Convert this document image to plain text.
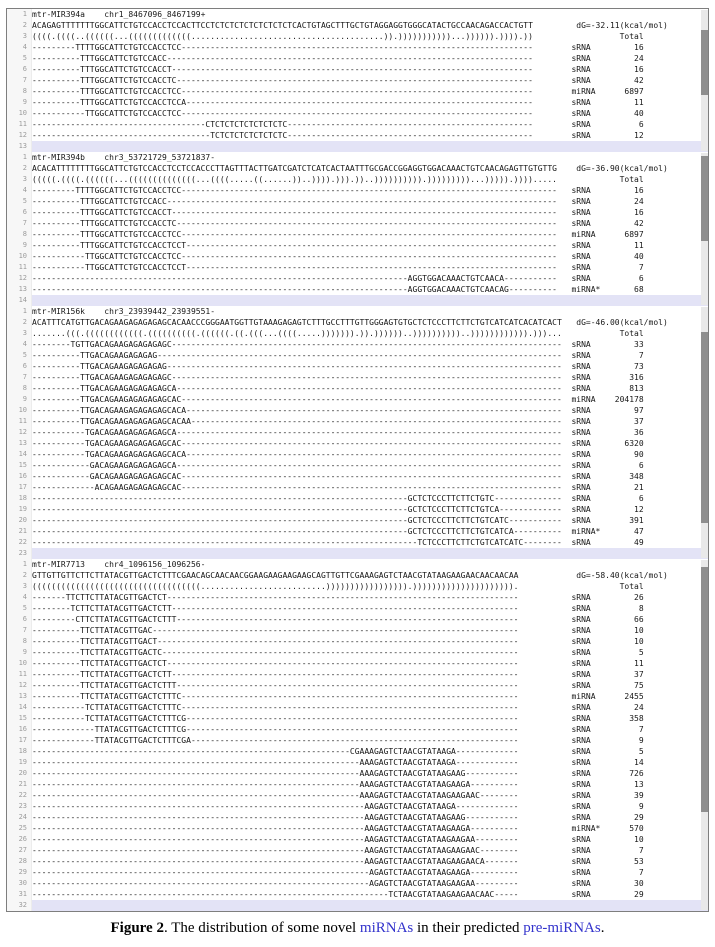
1 mtr-MIR394a    chr1_8467096_8467199+
2 ACAGAGTTTTTTTGGCATTCTGTCCACCTCCACTTCCTCTCTCTCTCTCTCTCTCACTGTAGCTTTGCTGTAGGAGGTGGGCATACTGCCAACAGACCACTGTT         dG=-32.11(kcal/mol)
3 ((((.((((..((((((...(((((((((((((........................................)).)))))))))))...)))))).)))).))                  Total
4 ---------TTTTGGCATTCTGTCCACCTCC-------------------------------------------------------------------------        sRNA         16
5 ----------TTTGGCATTCTGTCCACC----------------------------------------------------------------------------        sRNA         24
6 ----------TTTGGCATTCTGTCCACCT---------------------------------------------------------------------------        sRNA         16
7 ----------TTTGGCATTCTGTCCACCTC--------------------------------------------------------------------------        sRNA         42
8 ----------TTTGGCATTCTGTCCACCTCC-------------------------------------------------------------------------        miRNA      6897
9 ----------TTTGGCATTCTGTCCACCTCCA------------------------------------------------------------------------        sRNA         11
10 -----------TTGGCATTCTGTCCACCTCC-------------------------------------------------------------------------        sRNA         40
11 ------------------------------------CTCTCTCTCTCTCTCTC---------------------------------------------------        sRNA          6
12 -------------------------------------TCTCTCTCTCTCTCTC---------------------------------------------------        sRNA         12
13
1 mtr-MIR394b    chr3_53721729_53721837-
2 ACACATTTTTTTTGGCATTCTGTCCACCTCCTCCACCCTTAGTTTACTTGATCGATCTCATCACTAATTTGCGACCGGAGGTGGACAAACTGTCAACAGAGTTGTGTTG    dG=-36.90(kcal/mol)
3 (((((.((((.((((((...((((((((((((((...((((.....((......))..)))).))).))..)))))))))).)))))))))...))))).)))).....             Total
4 ---------TTTTGGCATTCTGTCCACCTCC------------------------------------------------------------------------------   sRNA         16
5 ----------TTTGGCATTCTGTCCACC---------------------------------------------------------------------------------   sRNA         24
6 ----------TTTGGCATTCTGTCCACCT--------------------------------------------------------------------------------   sRNA         16
7 ----------TTTGGCATTCTGTCCACCTC-------------------------------------------------------------------------------   sRNA         42
8 ----------TTTGGCATTCTGTCCACCTCC------------------------------------------------------------------------------   miRNA      6897
9 ----------TTTGGCATTCTGTCCACCTCCT-----------------------------------------------------------------------------   sRNA         11
10 -----------TTGGCATTCTGTCCACCTCC------------------------------------------------------------------------------   sRNA         40
11 -----------TTGGCATTCTGTCCACCTCCT-----------------------------------------------------------------------------   sRNA          7
12 ------------------------------------------------------------------------------AGGTGGACAAACTGTCAACA-----------   sRNA          6
13 ------------------------------------------------------------------------------AGGTGGACAAACTGTCAACAG----------   miRNA*       68
14
1 mtr-MIR156k    chr3_23939442_23939551-
2 ACATTTCATGTTGACAGAAGAGAGAGAGCACAACCCGGGAATGGTTGTAAAGAGAGTCTTTGCCTTTGTTGGGAGTGTGCTCTCCCTTCTTCTGTCATCATCACATCACT   dG=-46.00(kcal/mol)
3 .......(((.((((((((((((.((((((((((.((((((.((.(((...((((.....))))))).)).))))))..))))))))))..)))))))))))).)))...            Total
4 --------TGTTGACAGAAGAGAGAGAGC---------------------------------------------------------------------------------  sRNA         33
5 ----------TTGACAGAAGAGAGAG------------------------------------------------------------------------------------  sRNA          7
6 ----------TTGACAGAAGAGAGAGAG----------------------------------------------------------------------------------  sRNA         73
7 ----------TTGACAGAAGAGAGAGAGC---------------------------------------------------------------------------------  sRNA        316
8 ----------TTGACAGAAGAGAGAGAGCA--------------------------------------------------------------------------------  sRNA        813
9 ----------TTGACAGAAGAGAGAGAGCAC-------------------------------------------------------------------------------  miRNA    204178
10 ----------TTGACAGAAGAGAGAGAGCACA------------------------------------------------------------------------------  sRNA         97
11 ----------TTGACAGAAGAGAGAGAGCACAA-----------------------------------------------------------------------------  sRNA         37
12 -----------TGACAGAAGAGAGAGAGCA--------------------------------------------------------------------------------  sRNA         36
13 -----------TGACAGAAGAGAGAGAGCAC-------------------------------------------------------------------------------  sRNA       6320
14 -----------TGACAGAAGAGAGAGAGCACA------------------------------------------------------------------------------  sRNA         90
15 ------------GACAGAAGAGAGAGAGCA--------------------------------------------------------------------------------  sRNA          6
16 ------------GACAGAAGAGAGAGAGCAC-------------------------------------------------------------------------------  sRNA        348
17 -------------ACAGAAGAGAGAGAGCAC-------------------------------------------------------------------------------  sRNA         21
18 ------------------------------------------------------------------------------GCTCTCCCTTCTTCTGTC--------------  sRNA          6
19 ------------------------------------------------------------------------------GCTCTCCCTTCTTCTGTCA-------------  sRNA         12
20 ------------------------------------------------------------------------------GCTCTCCCTTCTTCTGTCATC-----------  sRNA        391
21 ------------------------------------------------------------------------------GCTCTCCCTTCTTCTGTCATCA----------  miRNA*       47
22 --------------------------------------------------------------------------------TCTCCCTTCTTCTGTCATCATC--------  sRNA         49
23
1 mtr-MIR7713    chr4_1096156_1096256-
2 GTTGTTGTTCTTCTTATACGTTGACTCTTTCGAACAGCAACAACGGAAGAAGAAGAAGCAGTTGTTCGAAAGAGTCTAACGTATAAGAAGAACAACAACAA            dG=-58.40(kcal/mol)
3 (((((((((((((((((((((((((((((((((((..........................))))))))))))))))).))))))))))))))))))))).                     Total
4 -------TTCTTCTTATACGTTGACTCT-------------------------------------------------------------------------           sRNA         26
5 --------TCTTCTTATACGTTGACTCTT------------------------------------------------------------------------           sRNA          8
6 ---------CTTCTTATACGTTGACTCTTT-----------------------------------------------------------------------           sRNA         66
7 ----------TTCTTATACGTTGAC----------------------------------------------------------------------------           sRNA         10
8 ----------TTCTTATACGTTGACT---------------------------------------------------------------------------           sRNA         10
9 ----------TTCTTATACGTTGACTC--------------------------------------------------------------------------           sRNA          5
10 ----------TTCTTATACGTTGACTCT-------------------------------------------------------------------------           sRNA         11
11 ----------TTCTTATACGTTGACTCTT------------------------------------------------------------------------           sRNA         37
12 ----------TTCTTATACGTTGACTCTTT-----------------------------------------------------------------------           sRNA         75
13 ----------TTCTTATACGTTGACTCTTTC----------------------------------------------------------------------           miRNA      2455
14 -----------TCTTATACGTTGACTCTTTC----------------------------------------------------------------------           sRNA         24
15 -----------TCTTATACGTTGACTCTTTCG---------------------------------------------------------------------           sRNA        358
16 -------------TTATACGTTGACTCTTTCG---------------------------------------------------------------------           sRNA          7
17 -------------TTATACGTTGACTCTTTCGA--------------------------------------------------------------------           sRNA          9
18 ------------------------------------------------------------------CGAAAGAGTCTAACGTATAAGA-------------           sRNA          5
19 --------------------------------------------------------------------AAAGAGTCTAACGTATAAGA-------------           sRNA         14
20 --------------------------------------------------------------------AAAGAGTCTAACGTATAAGAAG-----------           sRNA        726
21 --------------------------------------------------------------------AAAGAGTCTAACGTATAAGAAGA----------           sRNA         13
22 --------------------------------------------------------------------AAAGAGTCTAACGTATAAGAAGAAC--------           sRNA         39
23 ---------------------------------------------------------------------AAGAGTCTAACGTATAAGA-------------           sRNA          9
24 ---------------------------------------------------------------------AAGAGTCTAACGTATAAGAAG-----------           sRNA         29
25 ---------------------------------------------------------------------AAGAGTCTAACGTATAAGAAGA----------           miRNA*      570
26 ---------------------------------------------------------------------AAGAGTCTAACGTATAAGAAGAA---------           sRNA         10
27 ---------------------------------------------------------------------AAGAGTCTAACGTATAAGAAGAAC--------           sRNA          7
28 ---------------------------------------------------------------------AAGAGTCTAACGTATAAGAAGAACA-------           sRNA         53
29 ----------------------------------------------------------------------AGAGTCTAACGTATAAGAAGA----------           sRNA          7
30 ----------------------------------------------------------------------AGAGTCTAACGTATAAGAAGAA---------           sRNA         30
31 --------------------------------------------------------------------------TCTAACGTATAAGAAGAACAAC-----           sRNA         29
32
Figure 2. The distribution of some novel miRNAs in their predicted pre-miRNAs.
